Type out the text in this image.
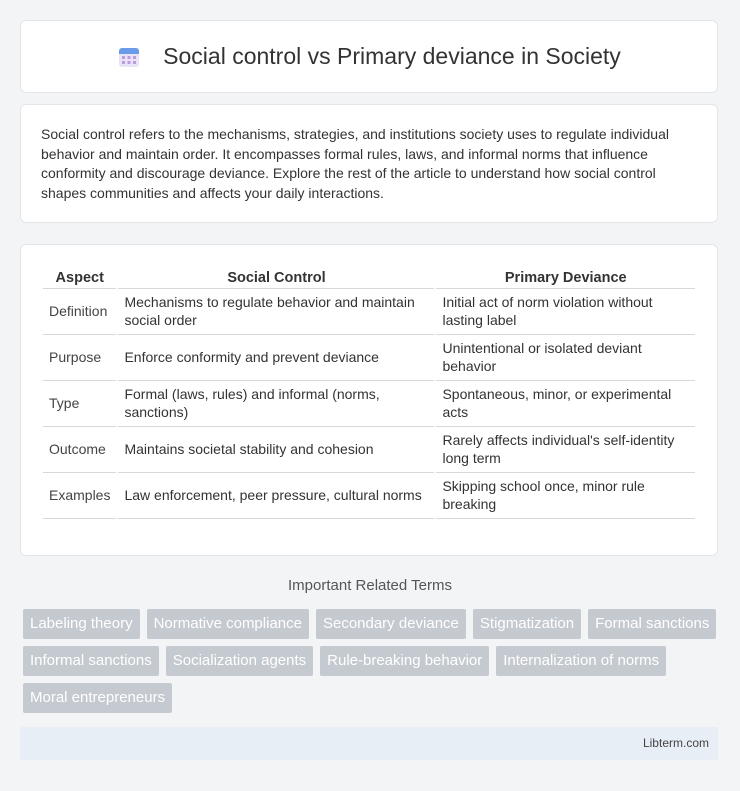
Social control vs Primary deviance in Society

Social control refers to the mechanisms, strategies, and institutions society uses to regulate individual behavior and maintain order. It encompasses formal rules, laws, and informal norms that influence conformity and discourage deviance. Explore the rest of the article to understand how social control shapes communities and affects your daily interactions.

Aspect	Social Control	Primary Deviance
Definition	Mechanisms to regulate behavior and maintain social order	Initial act of norm violation without lasting label
Purpose	Enforce conformity and prevent deviance	Unintentional or isolated deviant behavior
Type	Formal (laws, rules) and informal (norms, sanctions)	Spontaneous, minor, or experimental acts
Outcome	Maintains societal stability and cohesion	Rarely affects individual's self-identity long term
Examples	Law enforcement, peer pressure, cultural norms	Skipping school once, minor rule breaking
Important Related Terms
Labeling theory	Normative compliance	Secondary deviance	Stigmatization	Formal sanctions
Informal sanctions	Socialization agents	Rule-breaking behavior	Internalization of norms
Moral entrepreneurs
Libterm.com
